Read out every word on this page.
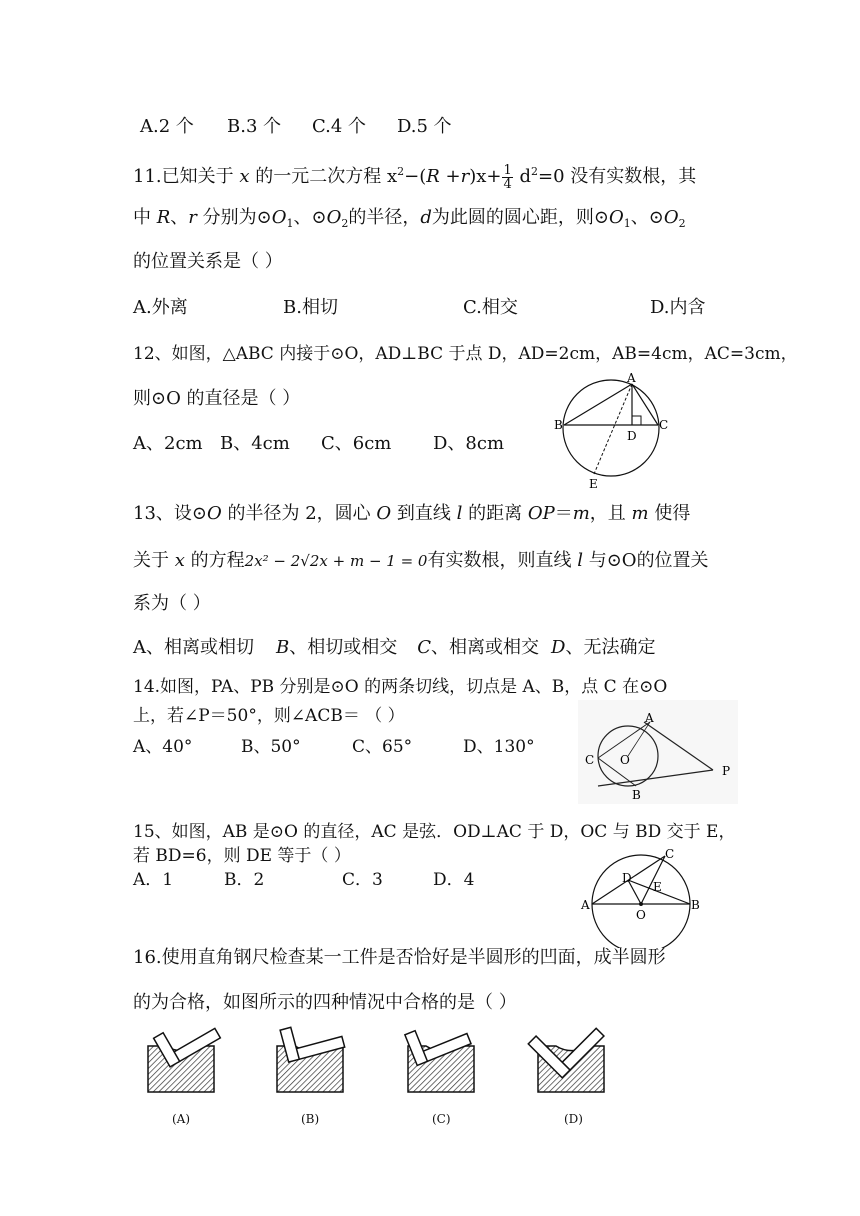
A.2 个 B.3 个 C.4 个 D.5 个
11.已知关于 x 的一元二次方程 $x^2-(R +r)x+ \frac{1}{4} d^2=0$ 没有实数根，其
中 R、r 分别为$⊙O_1$、$⊙O_2$的半径，d为此圆的圆心距，则$⊙O_1$、$⊙O_2$
的位置关系是（ ）
A.外离	B.相切	C.相交	D.内含
12、如图，△ABC 内接于⊙O，AD⊥BC 于点 D，AD=2cm，AB=4cm，AC=3cm，
则⊙O 的直径是（ ）
A、2cm B、4cm C、6cm D、8cm
A
B	C
D
E
13、设⊙O 的半径为 2，圆心 O 到直线 l 的距离 OP＝m，且 m 使得
关于 x 的方程2x² − 2√2x + m − 1 = 0有实数根，则直线 l 与⊙O的位置关
系为（ ）
A、相离或相切 B、相切或相交 C、相离或相交 D、无法确定
14.如图，PA、PB 分别是⊙O 的两条切线，切点是 A、B，点 C 在⊙O
上，若∠P＝50°，则∠ACB＝ （ ）
A、40°	B、50°	C、65°	D、130°
A
C O
P
B
15、如图，AB 是⊙O 的直径，AC 是弦．OD⊥AC 于 D，OC 与 BD 交于 E，
若 BD=6，则 DE 等于（ ）
A．1	B．2	C．3	D．4
A	B
C
D
E
O
16.使用直角钢尺检查某一工件是否恰好是半圆形的凹面，成半圆形
的为合格，如图所示的四种情况中合格的是（ ）
(A)	(B)	(C)	(D)
